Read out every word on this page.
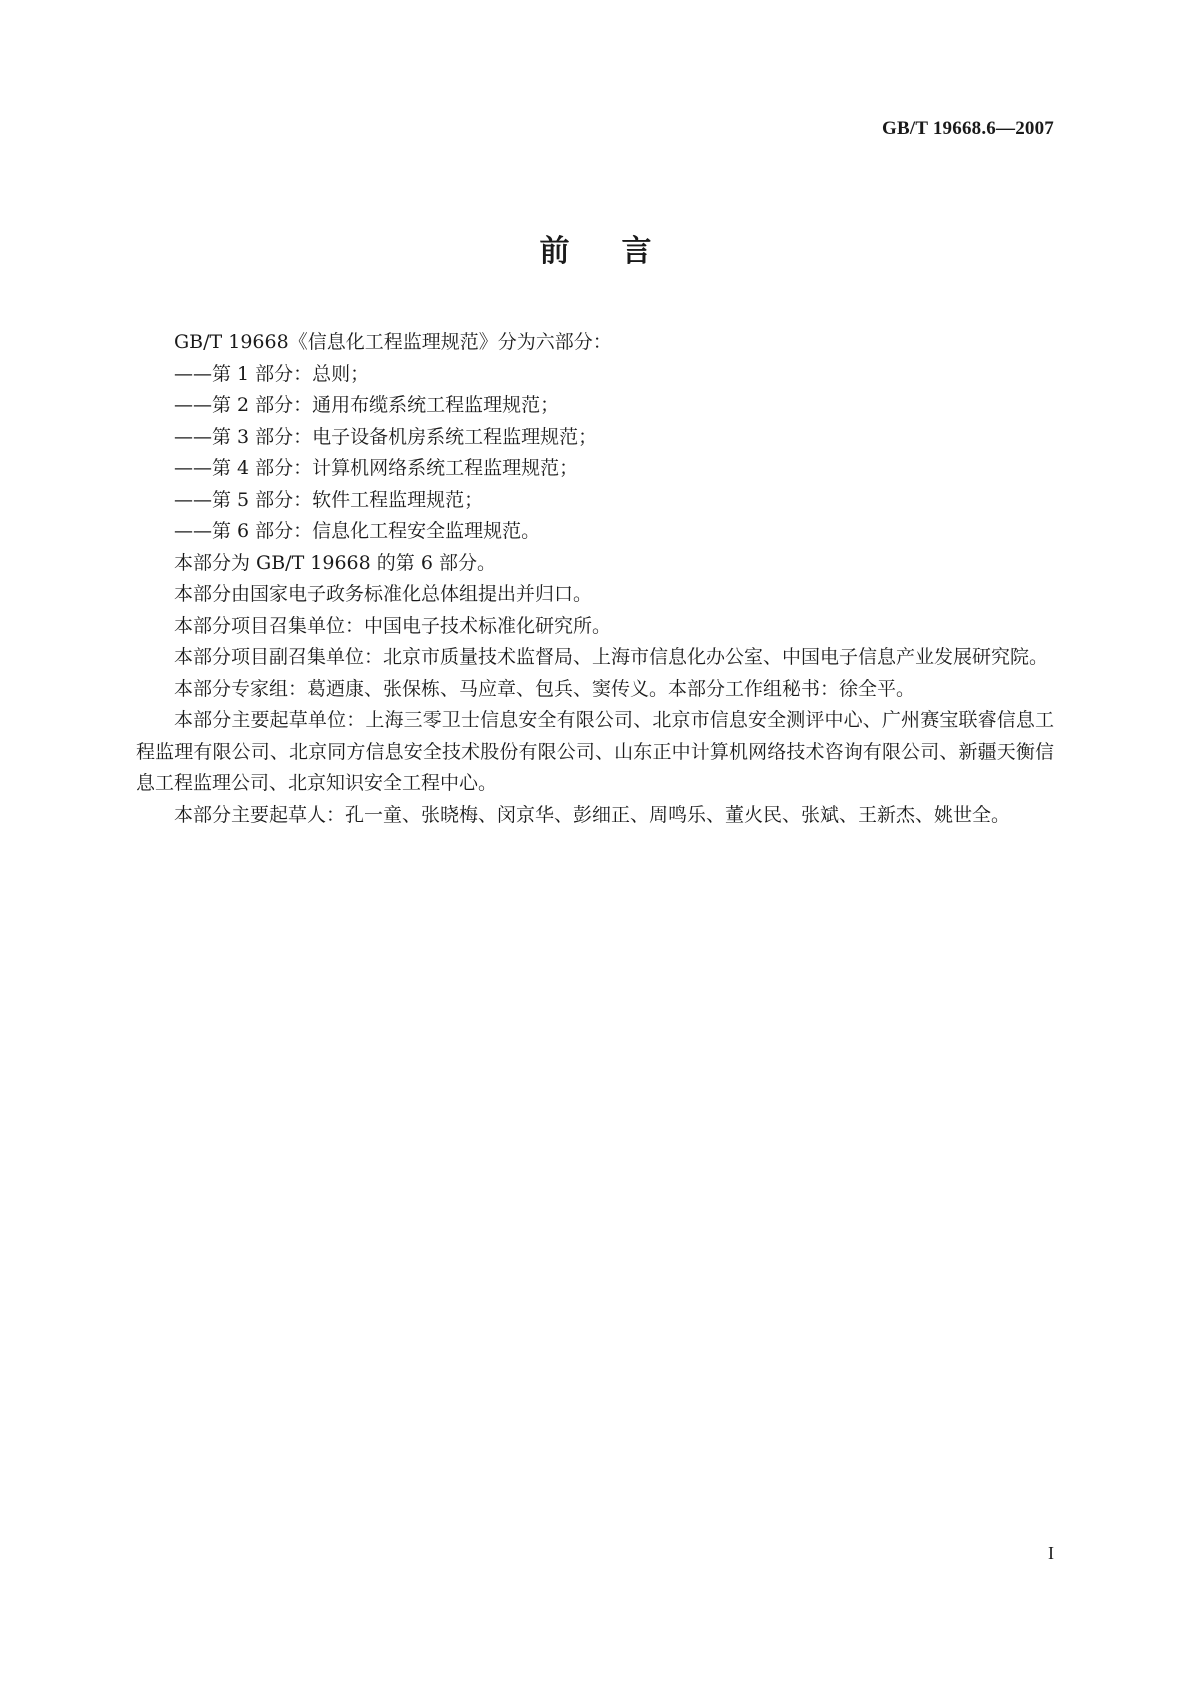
GB/T 19668.6—2007
前言

GB/T 19668《信息化工程监理规范》分为六部分：

——第 1 部分：总则；

——第 2 部分：通用布缆系统工程监理规范；

——第 3 部分：电子设备机房系统工程监理规范；

——第 4 部分：计算机网络系统工程监理规范；

——第 5 部分：软件工程监理规范；

——第 6 部分：信息化工程安全监理规范。

本部分为 GB/T 19668 的第 6 部分。

本部分由国家电子政务标准化总体组提出并归口。

本部分项目召集单位：中国电子技术标准化研究所。

本部分项目副召集单位：北京市质量技术监督局、上海市信息化办公室、中国电子信息产业发展研究院。

本部分专家组：葛迺康、张保栋、马应章、包兵、窦传义。本部分工作组秘书：徐全平。

本部分主要起草单位：上海三零卫士信息安全有限公司、北京市信息安全测评中心、广州赛宝联睿信息工程监理有限公司、北京同方信息安全技术股份有限公司、山东正中计算机网络技术咨询有限公司、新疆天衡信息工程监理公司、北京知识安全工程中心。

本部分主要起草人：孔一童、张晓梅、闵京华、彭细正、周鸣乐、董火民、张斌、王新杰、姚世全。

I
